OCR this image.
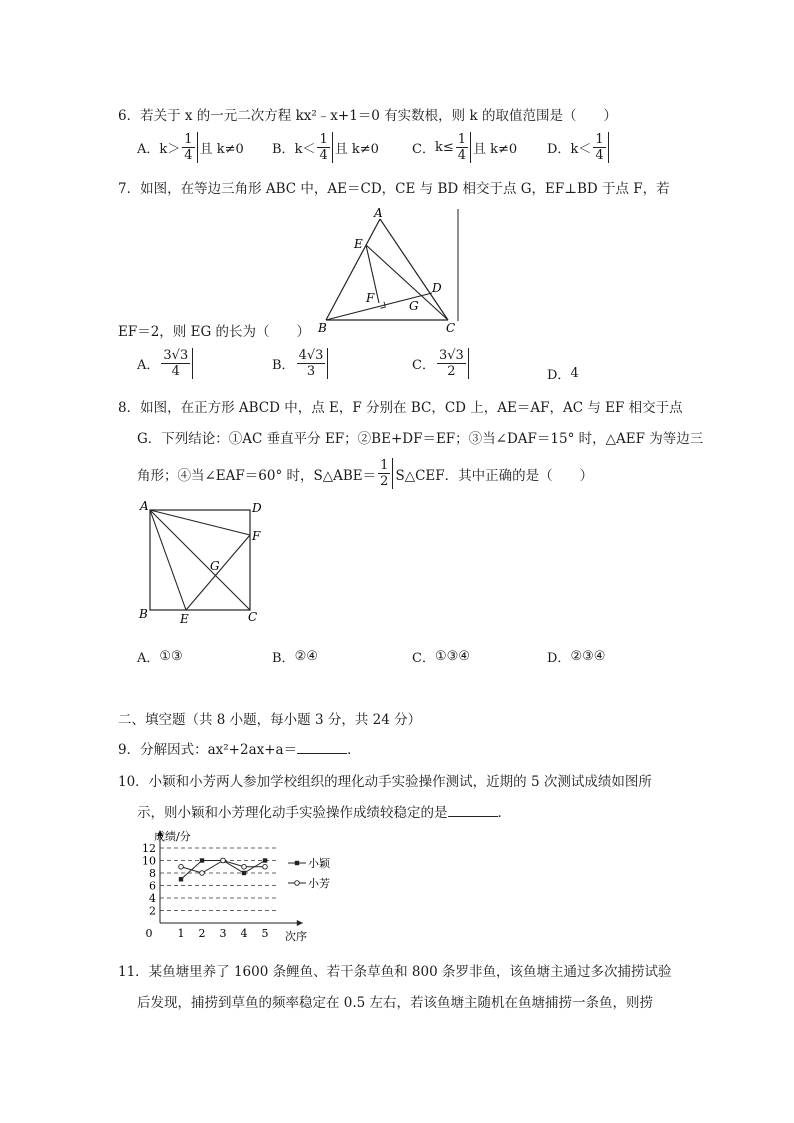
6．若关于 x 的一元二次方程 kx²﹣x+1＝0 有实数根，则 k 的取值范围是（　　）
A． $k> \frac{1}{4}$ 且 k≠0 B． $k< \frac{1}{4}$ 且 k≠0	C． $k\le \frac{1}{4}$ 且 k≠0 D． $k< \frac{1}{4}$
7．如图，在等边三角形 ABC 中，AE＝CD，CE 与 BD 相交于点 G，EF⊥BD 于点 F，若
A
B	C
D
E
F
G
EF＝2，则 EG 的长为（　　）
A． $\frac{3√3}{4}$	B． $\frac{4√3}{3}$	C． $\frac{3√3}{2}$	D． 4
8．如图，在正方形 ABCD 中，点 E，F 分别在 BC，CD 上，AE＝AF，AC 与 EF 相交于点
G．下列结论：①AC 垂直平分 EF；②BE+DF＝EF；③当∠DAF＝15° 时，△AEF 为等边三
角形；④当∠EAF＝60° 时，S△ABE＝ $\frac{1}{2}$ S△CEF．其中正确的是（　　）
A
B	C
D
E
F
G
A． ①③	B． ②④	C． ①③④	D． ②③④
二、填空题（共 8 小题，每小题 3 分，共 24 分）
9．分解因式：ax²+2ax+a＝	．
10．小颖和小芳两人参加学校组织的理化动手实验操作测试，近期的 5 次测试成绩如图所
示，则小颖和小芳理化动手实验操作成绩较稳定的是	．
2
4
6
8
10
12
0 1 2 3 4 5
小颖
小芳
成绩/分
次序
11．某鱼塘里养了 1600 条鲤鱼、若干条草鱼和 800 条罗非鱼，该鱼塘主通过多次捕捞试验
后发现，捕捞到草鱼的频率稳定在 0.5 左右，若该鱼塘主随机在鱼塘捕捞一条鱼，则捞
